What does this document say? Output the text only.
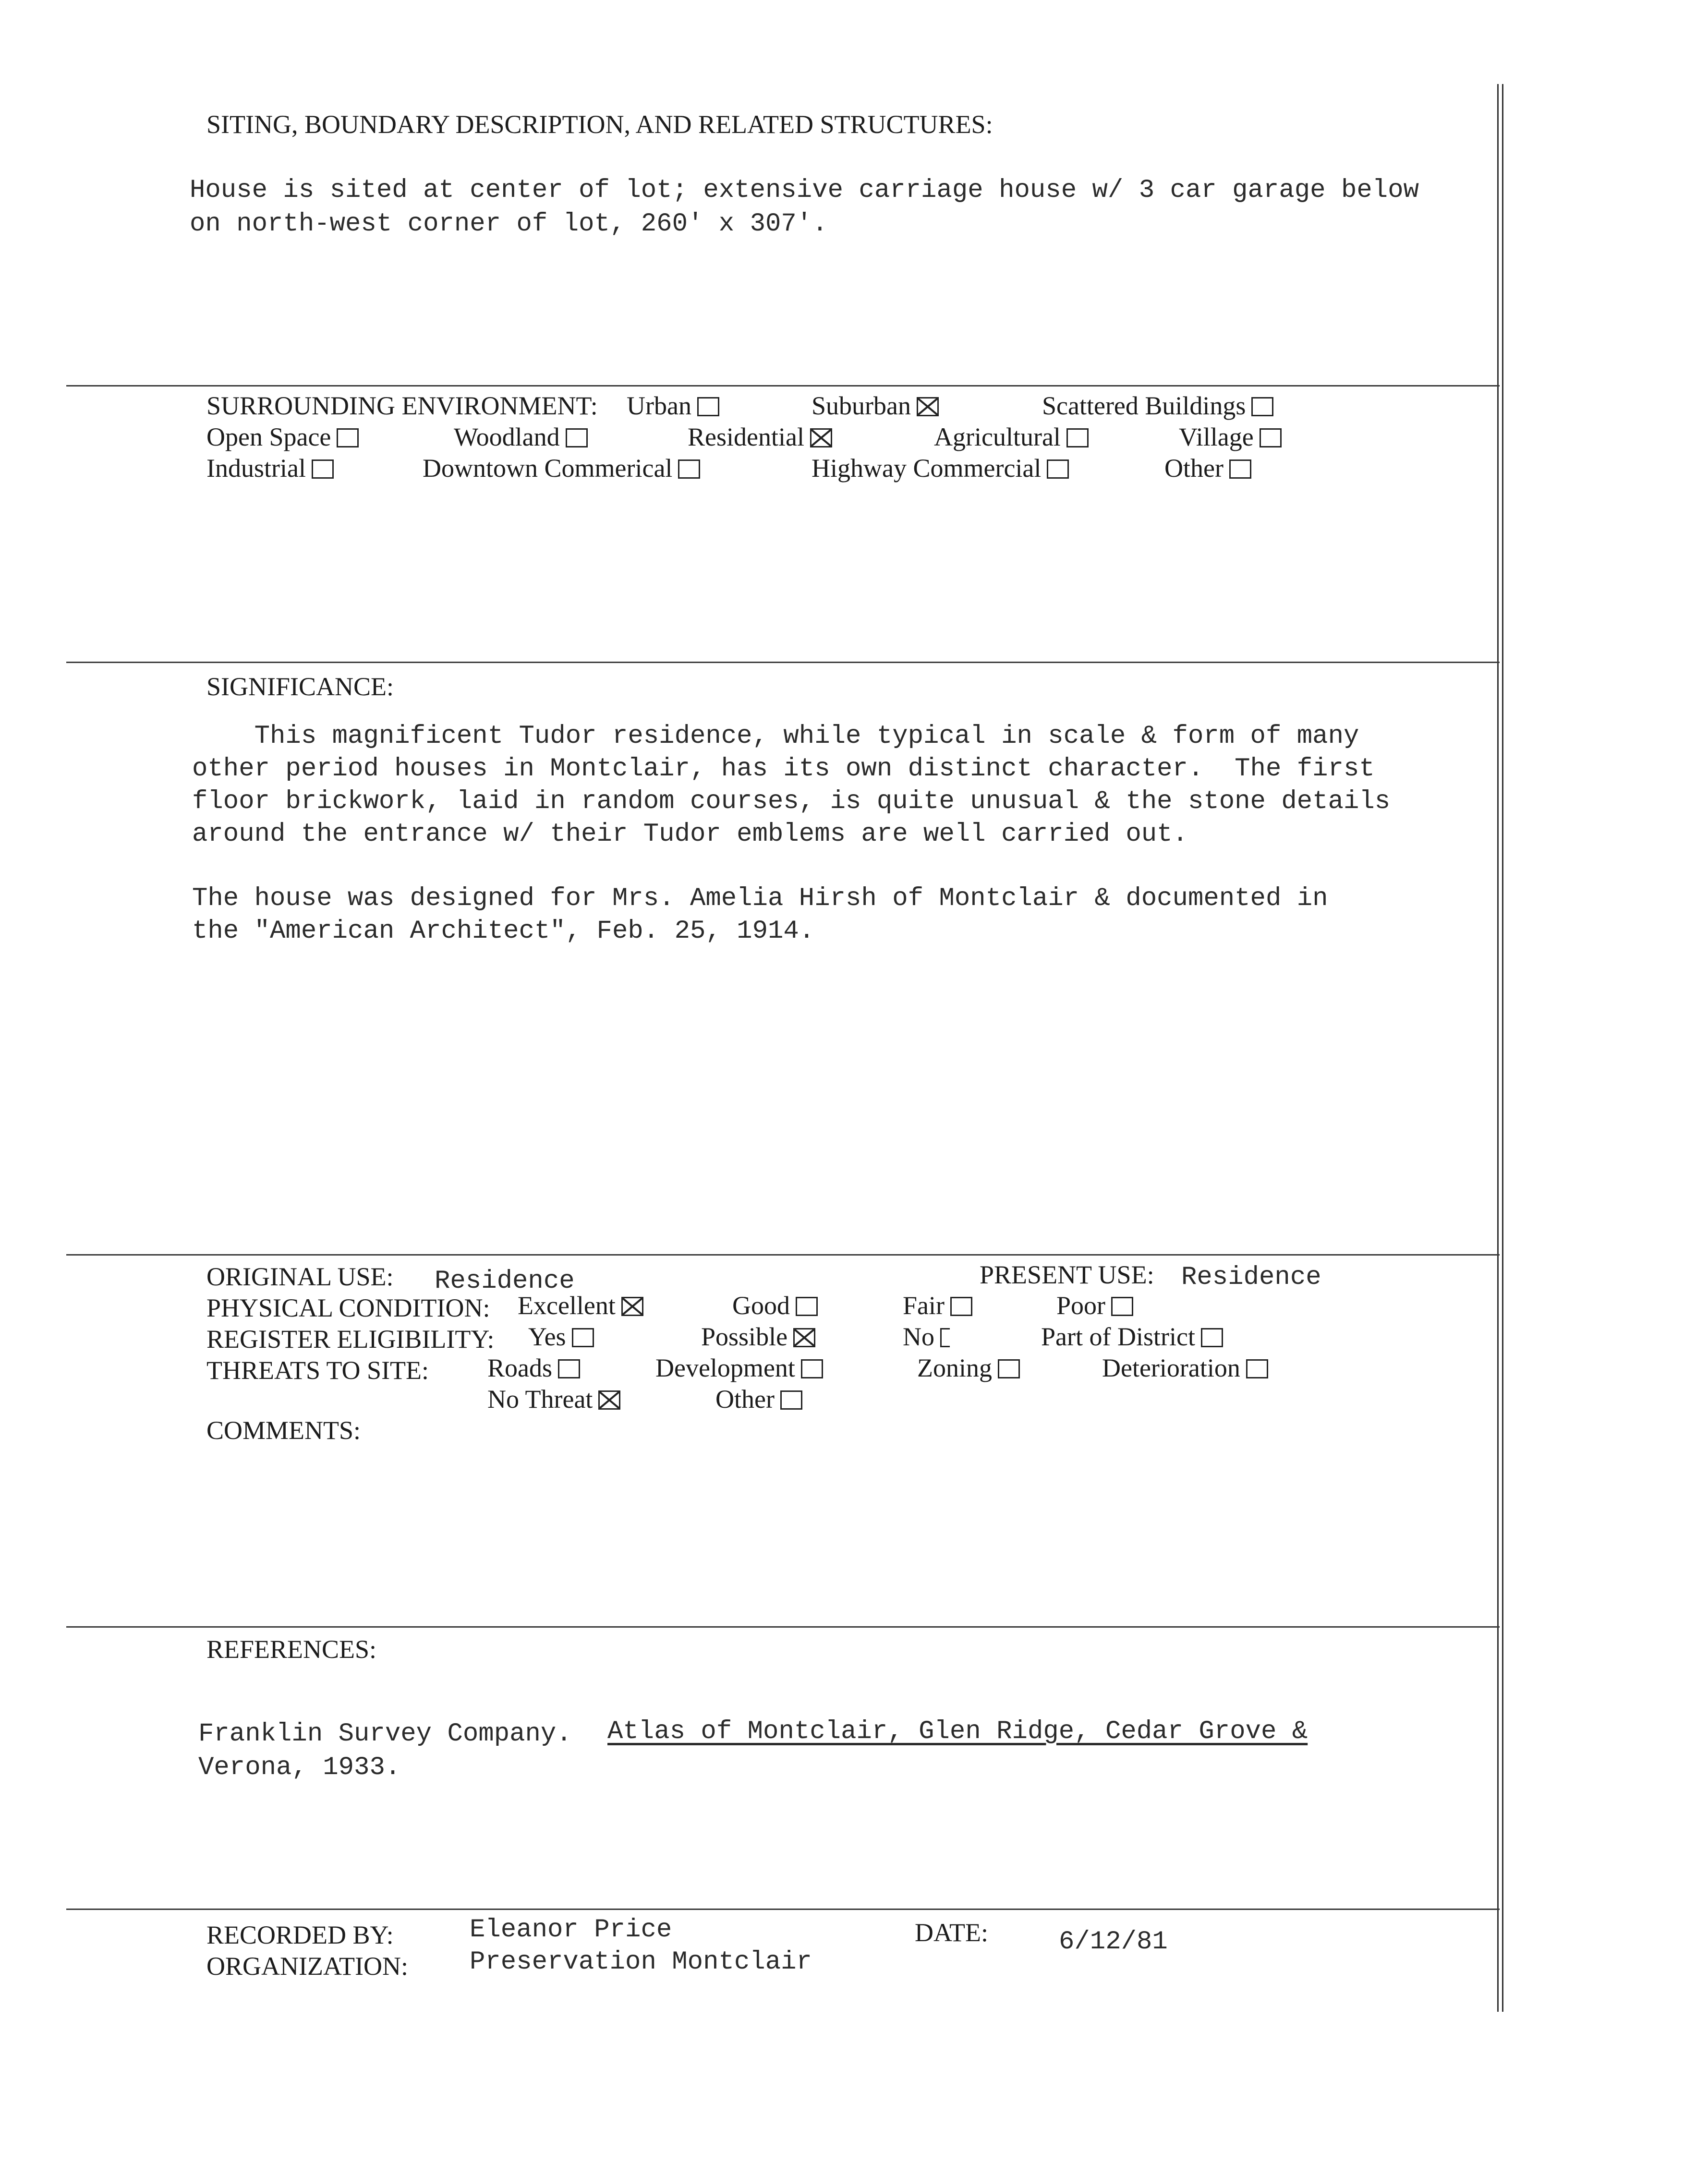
SITING, BOUNDARY DESCRIPTION, AND RELATED STRUCTURES:
House is sited at center of lot; extensive carriage house w/ 3 car garage below
on north-west corner of lot, 260' x 307'.
SURROUNDING ENVIRONMENT: Urban	Suburban	Scattered Buildings
Open Space	Woodland	Residential	Agricultural	Village
Industrial	Downtown Commerical	Highway Commercial	Other
SIGNIFICANCE:
This magnificent Tudor residence, while typical in scale & form of many
other period houses in Montclair, has its own distinct character.  The first
floor brickwork, laid in random courses, is quite unusual & the stone details
around the entrance w/ their Tudor emblems are well carried out.
The house was designed for Mrs. Amelia Hirsh of Montclair & documented in
the "American Architect", Feb. 25, 1914.
ORIGINAL USE: Residence	PRESENT USE: Residence
PHYSICAL CONDITION: Excellent	Good	Fair	Poor
REGISTER ELIGIBILITY: Yes	Possible	No	Part of District
THREATS TO SITE: Roads	Development	Zoning	Deterioration
No Threat	Other
COMMENTS:
REFERENCES:
Franklin Survey Company. Atlas of Montclair, Glen Ridge, Cedar Grove &
Verona, 1933.
RECORDED BY:	Eleanor Price
ORGANIZATION: Preservation Montclair
DATE:	6/12/81
